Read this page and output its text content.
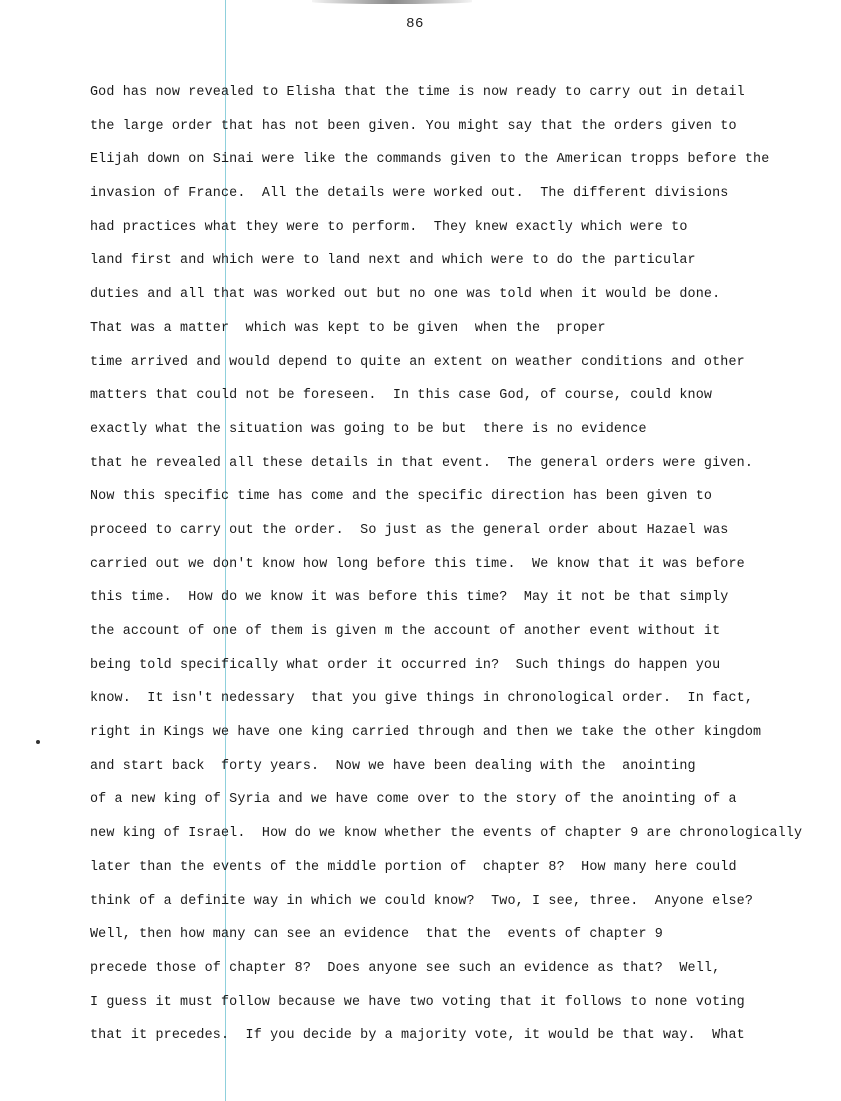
86
God has now revealed to Elisha that the time is now ready to carry out in detail
the large order that has not been given. You might say that the orders given to
Elijah down on Sinai were like the commands given to the American tropps before the
invasion of France.  All the details were worked out.  The different divisions
had practices what they were to perform.  They knew exactly which were to
land first and which were to land next and which were to do the particular
duties and all that was worked out but no one was told when it would be done.
That was a matter  which was kept to be given  when the  proper
time arrived and would depend to quite an extent on weather conditions and other
matters that could not be foreseen.  In this case God, of course, could know
exactly what the situation was going to be but  there is no evidence
that he revealed all these details in that event.  The general orders were given.
Now this specific time has come and the specific direction has been given to
proceed to carry out the order.  So just as the general order about Hazael was
carried out we don't know how long before this time.  We know that it was before
this time.  How do we know it was before this time?  May it not be that simply
the account of one of them is given m the account of another event without it
being told specifically what order it occurred in?  Such things do happen you
know.  It isn't nedessary  that you give things in chronological order.  In fact,
right in Kings we have one king carried through and then we take the other kingdom
and start back  forty years.  Now we have been dealing with the  anointing
of a new king of Syria and we have come over to the story of the anointing of a
new king of Israel.  How do we know whether the events of chapter 9 are chronologically
later than the events of the middle portion of  chapter 8?  How many here could
think of a definite way in which we could know?  Two, I see, three.  Anyone else?
Well, then how many can see an evidence  that the  events of chapter 9
precede those of chapter 8?  Does anyone see such an evidence as that?  Well,
I guess it must follow because we have two voting that it follows to none voting
that it precedes.  If you decide by a majority vote, it would be that way.  What
